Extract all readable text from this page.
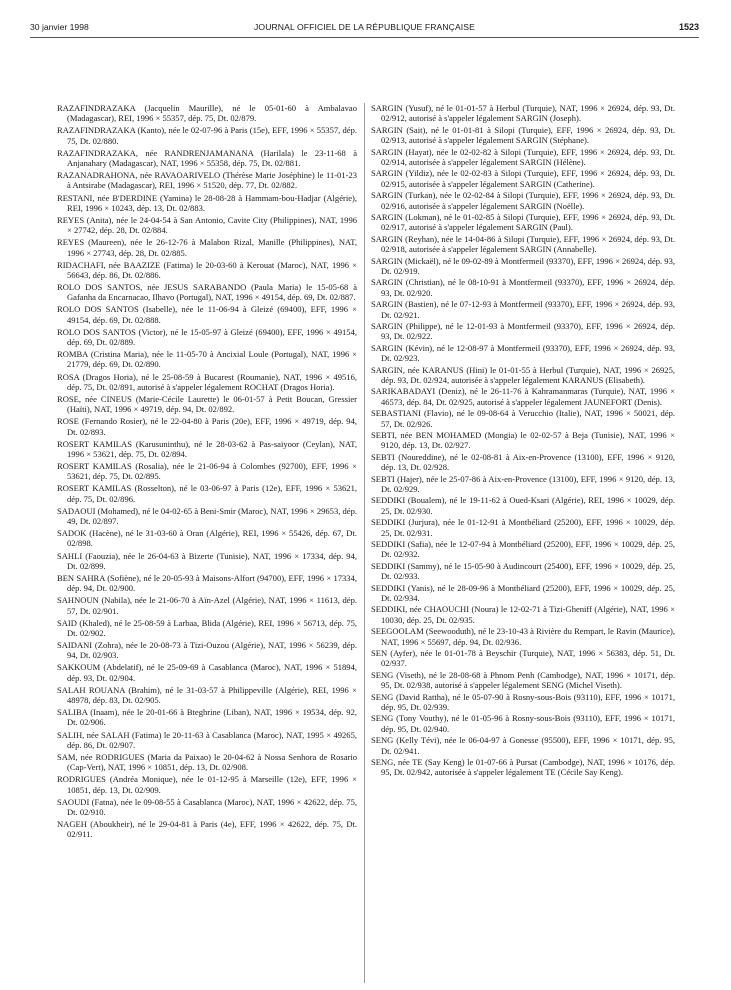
30 janvier 1998	JOURNAL OFFICIEL DE LA RÉPUBLIQUE FRANÇAISE	1523

RAZAFINDRAZAKA (Jacquelin Maurille), né le 05-01-60 à Ambalavao (Madagascar), REI, 1996 × 55357, dép. 75, Dt. 02/879.

RAZAFINDRAZAKA (Kanto), née le 02-07-96 à Paris (15e), EFF, 1996 × 55357, dép. 75, Dt. 02/880.

RAZAFINDRAZAKA, née RANDRENJAMANANA (Harilala) le 23-11-68 à Anjanahary (Madagascar), NAT, 1996 × 55358, dép. 75, Dt. 02/881.

RAZANADRAHONA, née RAVAOARIVELO (Thérèse Marie Joséphine) le 11-01-23 à Antsirabe (Madagascar), REI, 1996 × 51520, dép. 77, Dt. 02/882.

RESTANI, née B'DERDINE (Yamina) le 28-08-28 à Hammam-bou-Hadjar (Algérie), REI, 1996 × 10243, dép. 13, Dt. 02/883.

REYES (Anita), née le 24-04-54 à San Antonio, Cavite City (Philippines), NAT, 1996 × 27742, dép. 28, Dt. 02/884.

REYES (Maureen), née le 26-12-76 à Malabon Rizal, Manille (Philippines), NAT, 1996 × 27743, dép. 28, Dt. 02/885.

RIDACHAFI, née BAAZIZE (Fatima) le 20-03-60 à Kerouat (Maroc), NAT, 1996 × 56643, dép. 86, Dt. 02/886.

ROLO DOS SANTOS, née JESUS SARABANDO (Paula Maria) le 15-05-68 à Gafanha da Encarnacao, Ilhavo (Portugal), NAT, 1996 × 49154, dép. 69, Dt. 02/887.

ROLO DOS SANTOS (Isabelle), née le 11-06-94 à Gleizé (69400), EFF, 1996 × 49154, dép. 69, Dt. 02/888.

ROLO DOS SANTOS (Victor), né le 15-05-97 à Gleizé (69400), EFF, 1996 × 49154, dép. 69, Dt. 02/889.

ROMBA (Cristina Maria), née le 11-05-70 à Ancixial Loule (Portugal), NAT, 1996 × 21779, dép. 69, Dt. 02/890.

ROSA (Dragos Horia), né le 25-08-59 à Bucarest (Roumanie), NAT, 1996 × 49516, dép. 75, Dt. 02/891, autorisé à s'appeler légalement ROCHAT (Dragos Horia).

ROSE, née CINEUS (Marie-Cécile Laurette) le 06-01-57 à Petit Boucan, Gressier (Haïti), NAT, 1996 × 49719, dép. 94, Dt. 02/892.

ROSE (Fernando Rosier), né le 22-04-80 à Paris (20e), EFF, 1996 × 49719, dép. 94, Dt. 02/893.

ROSERT KAMILAS (Karusuninthu), né le 28-03-62 à Pas-saiyoor (Ceylan), NAT, 1996 × 53621, dép. 75, Dt. 02/894.

ROSERT KAMILAS (Rosalia), née le 21-06-94 à Colombes (92700), EFF, 1996 × 53621, dép. 75, Dt. 02/895.

ROSERT KAMILAS (Rosselton), né le 03-06-97 à Paris (12e), EFF, 1996 × 53621, dép. 75, Dt. 02/896.

SADAOUI (Mohamed), né le 04-02-65 à Beni-Smir (Maroc), NAT, 1996 × 29653, dép. 49, Dt. 02/897.

SADOK (Hacène), né le 31-03-60 à Oran (Algérie), REI, 1996 × 55426, dép. 67, Dt. 02/898.

SAHLI (Faouzia), née le 26-04-63 à Bizerte (Tunisie), NAT, 1996 × 17334, dép. 94, Dt. 02/899.

BEN SAHRA (Sofiène), né le 20-05-93 à Maisons-Alfort (94700), EFF, 1996 × 17334, dép. 94, Dt. 02/900.

SAHNOUN (Nabila), née le 21-06-70 à Aïn-Azel (Algérie), NAT, 1996 × 11613, dép. 57, Dt. 02/901.

SAID (Khaled), né le 25-08-59 à Larbaa, Blida (Algérie), REI, 1996 × 56713, dép. 75, Dt. 02/902.

SAIDANI (Zohra), née le 20-08-73 à Tizi-Ouzou (Algérie), NAT, 1996 × 56239, dép. 94, Dt. 02/903.

SAKKOUM (Abdelatif), né le 25-09-69 à Casablanca (Maroc), NAT, 1996 × 51894, dép. 93, Dt. 02/904.

SALAH ROUANA (Brahim), né le 31-03-57 à Philippeville (Algérie), REI, 1996 × 48978, dép. 83, Dt. 02/905.

SALIBA (Inaam), née le 20-01-66 à Bteghrine (Liban), NAT, 1996 × 19534, dép. 92, Dt. 02/906.

SALIH, née SALAH (Fatima) le 20-11-63 à Casablanca (Maroc), NAT, 1995 × 49265, dép. 86, Dt. 02/907.

SAM, née RODRIGUES (Maria da Paixao) le 20-04-62 à Nossa Senhora de Rosario (Cap-Vert), NAT, 1996 × 10851, dép. 13, Dt. 02/908.

RODRIGUES (Andréa Monique), née le 01-12-95 à Marseille (12e), EFF, 1996 × 10851, dép. 13, Dt. 02/909.

SAOUDI (Fatna), née le 09-08-55 à Casablanca (Maroc), NAT, 1996 × 42622, dép. 75, Dt. 02/910.

NAGEH (Aboukheir), né le 29-04-81 à Paris (4e), EFF, 1996 × 42622, dép. 75, Dt. 02/911.

SARGIN (Yusuf), né le 01-01-57 à Herbul (Turquie), NAT, 1996 × 26924, dép. 93, Dt. 02/912, autorisé à s'appeler légalement SARGIN (Joseph).

SARGIN (Sait), né le 01-01-81 à Silopi (Turquie), EFF, 1996 × 26924, dép. 93, Dt. 02/913, autorisé à s'appeler légalement SARGIN (Stéphane).

SARGIN (Hayat), née le 02-02-82 à Silopi (Turquie), EFF, 1996 × 26924, dép. 93, Dt. 02/914, autorisée à s'appeler légalement SARGIN (Hélène).

SARGIN (Yildiz), née le 02-02-83 à Silopi (Turquie), EFF, 1996 × 26924, dép. 93, Dt. 02/915, autorisée à s'appeler légalement SARGIN (Catherine).

SARGIN (Turkan), née le 02-02-84 à Silopi (Turquie), EFF, 1996 × 26924, dép. 93, Dt. 02/916, autorisée à s'appeler légalement SARGIN (Noëlle).

SARGIN (Lokman), né le 01-02-85 à Silopi (Turquie), EFF, 1996 × 26924, dép. 93, Dt. 02/917, autorisé à s'appeler légalement SARGIN (Paul).

SARGIN (Reyhan), née le 14-04-86 à Silopi (Turquie), EFF, 1996 × 26924, dép. 93, Dt. 02/918, autorisée à s'appeler légalement SARGIN (Annabelle).

SARGIN (Mickaël), né le 09-02-89 à Montfermeil (93370), EFF, 1996 × 26924, dép. 93, Dt. 02/919.

SARGIN (Christian), né le 08-10-91 à Montfermeil (93370), EFF, 1996 × 26924, dép. 93, Dt. 02/920.

SARGIN (Bastien), né le 07-12-93 à Montfermeil (93370), EFF, 1996 × 26924, dép. 93, Dt. 02/921.

SARGIN (Philippe), né le 12-01-93 à Montfermeil (93370), EFF, 1996 × 26924, dép. 93, Dt. 02/922.

SARGIN (Kévin), né le 12-08-97 à Montfermeil (93370), EFF, 1996 × 26924, dép. 93, Dt. 02/923.

SARGIN, née KARANUS (Hini) le 01-01-55 à Herbul (Turquie), NAT, 1996 × 26925, dép. 93, Dt. 02/924, autorisée à s'appeler légalement KARANUS (Elisabeth).

SARIKABADAYI (Deniz), né le 26-11-76 à Kahramanmaras (Turquie), NAT, 1996 × 46573, dép. 84, Dt. 02/925, autorisé à s'appeler légalement JAUNEFORT (Denis).

SEBASTIANI (Flavio), né le 09-08-64 à Verucchio (Italie), NAT, 1996 × 50021, dép. 57, Dt. 02/926.

SEBTI, née BEN MOHAMED (Mongia) le 02-02-57 à Beja (Tunisie), NAT, 1996 × 9120, dép. 13, Dt. 02/927.

SEBTI (Noureddine), né le 02-08-81 à Aix-en-Provence (13100), EFF, 1996 × 9120, dép. 13, Dt. 02/928.

SEBTI (Hajer), née le 25-07-86 à Aix-en-Provence (13100), EFF, 1996 × 9120, dép. 13, Dt. 02/929.

SEDDIKI (Boualem), né le 19-11-62 à Oued-Ksari (Algérie), REI, 1996 × 10029, dép. 25, Dt. 02/930.

SEDDIKI (Jurjura), née le 01-12-91 à Montbéliard (25200), EFF, 1996 × 10029, dép. 25, Dt. 02/931.

SEDDIKI (Safia), née le 12-07-94 à Montbéliard (25200), EFF, 1996 × 10029, dép. 25, Dt. 02/932.

SEDDIKI (Sammy), né le 15-05-90 à Audincourt (25400), EFF, 1996 × 10029, dép. 25, Dt. 02/933.

SEDDIKI (Yanis), né le 28-09-96 à Montbéliard (25200), EFF, 1996 × 10029, dép. 25, Dt. 02/934.

SEDDIKI, née CHAOUCHI (Noura) le 12-02-71 à Tizi-Gheniff (Algérie), NAT, 1996 × 10030, dép. 25, Dt. 02/935.

SEEGOOLAM (Seewooduth), né le 23-10-43 à Rivière du Rempart, le Ravin (Maurice), NAT, 1996 × 55697, dép. 94, Dt. 02/936.

SEN (Ayfer), née le 01-01-78 à Beyschir (Turquie), NAT, 1996 × 56383, dép. 51, Dt. 02/937.

SENG (Viseth), né le 28-08-68 à Phnom Penh (Cambodge), NAT, 1996 × 10171, dép. 95, Dt. 02/938, autorisé à s'appeler légalement SENG (Michel Viseth).

SENG (David Rattha), né le 05-07-90 à Rosny-sous-Bois (93110), EFF, 1996 × 10171, dép. 95, Dt. 02/939.

SENG (Tony Vouthy), né le 01-05-96 à Rosny-sous-Bois (93110), EFF, 1996 × 10171, dép. 95, Dt. 02/940.

SENG (Kelly Tévi), née le 06-04-97 à Gonesse (95500), EFF, 1996 × 10171, dép. 95, Dt. 02/941.

SENG, née TE (Say Keng) le 01-07-66 à Pursat (Cambodge), NAT, 1996 × 10176, dép. 95, Dt. 02/942, autorisée à s'appeler légalement TE (Cécile Say Keng).
